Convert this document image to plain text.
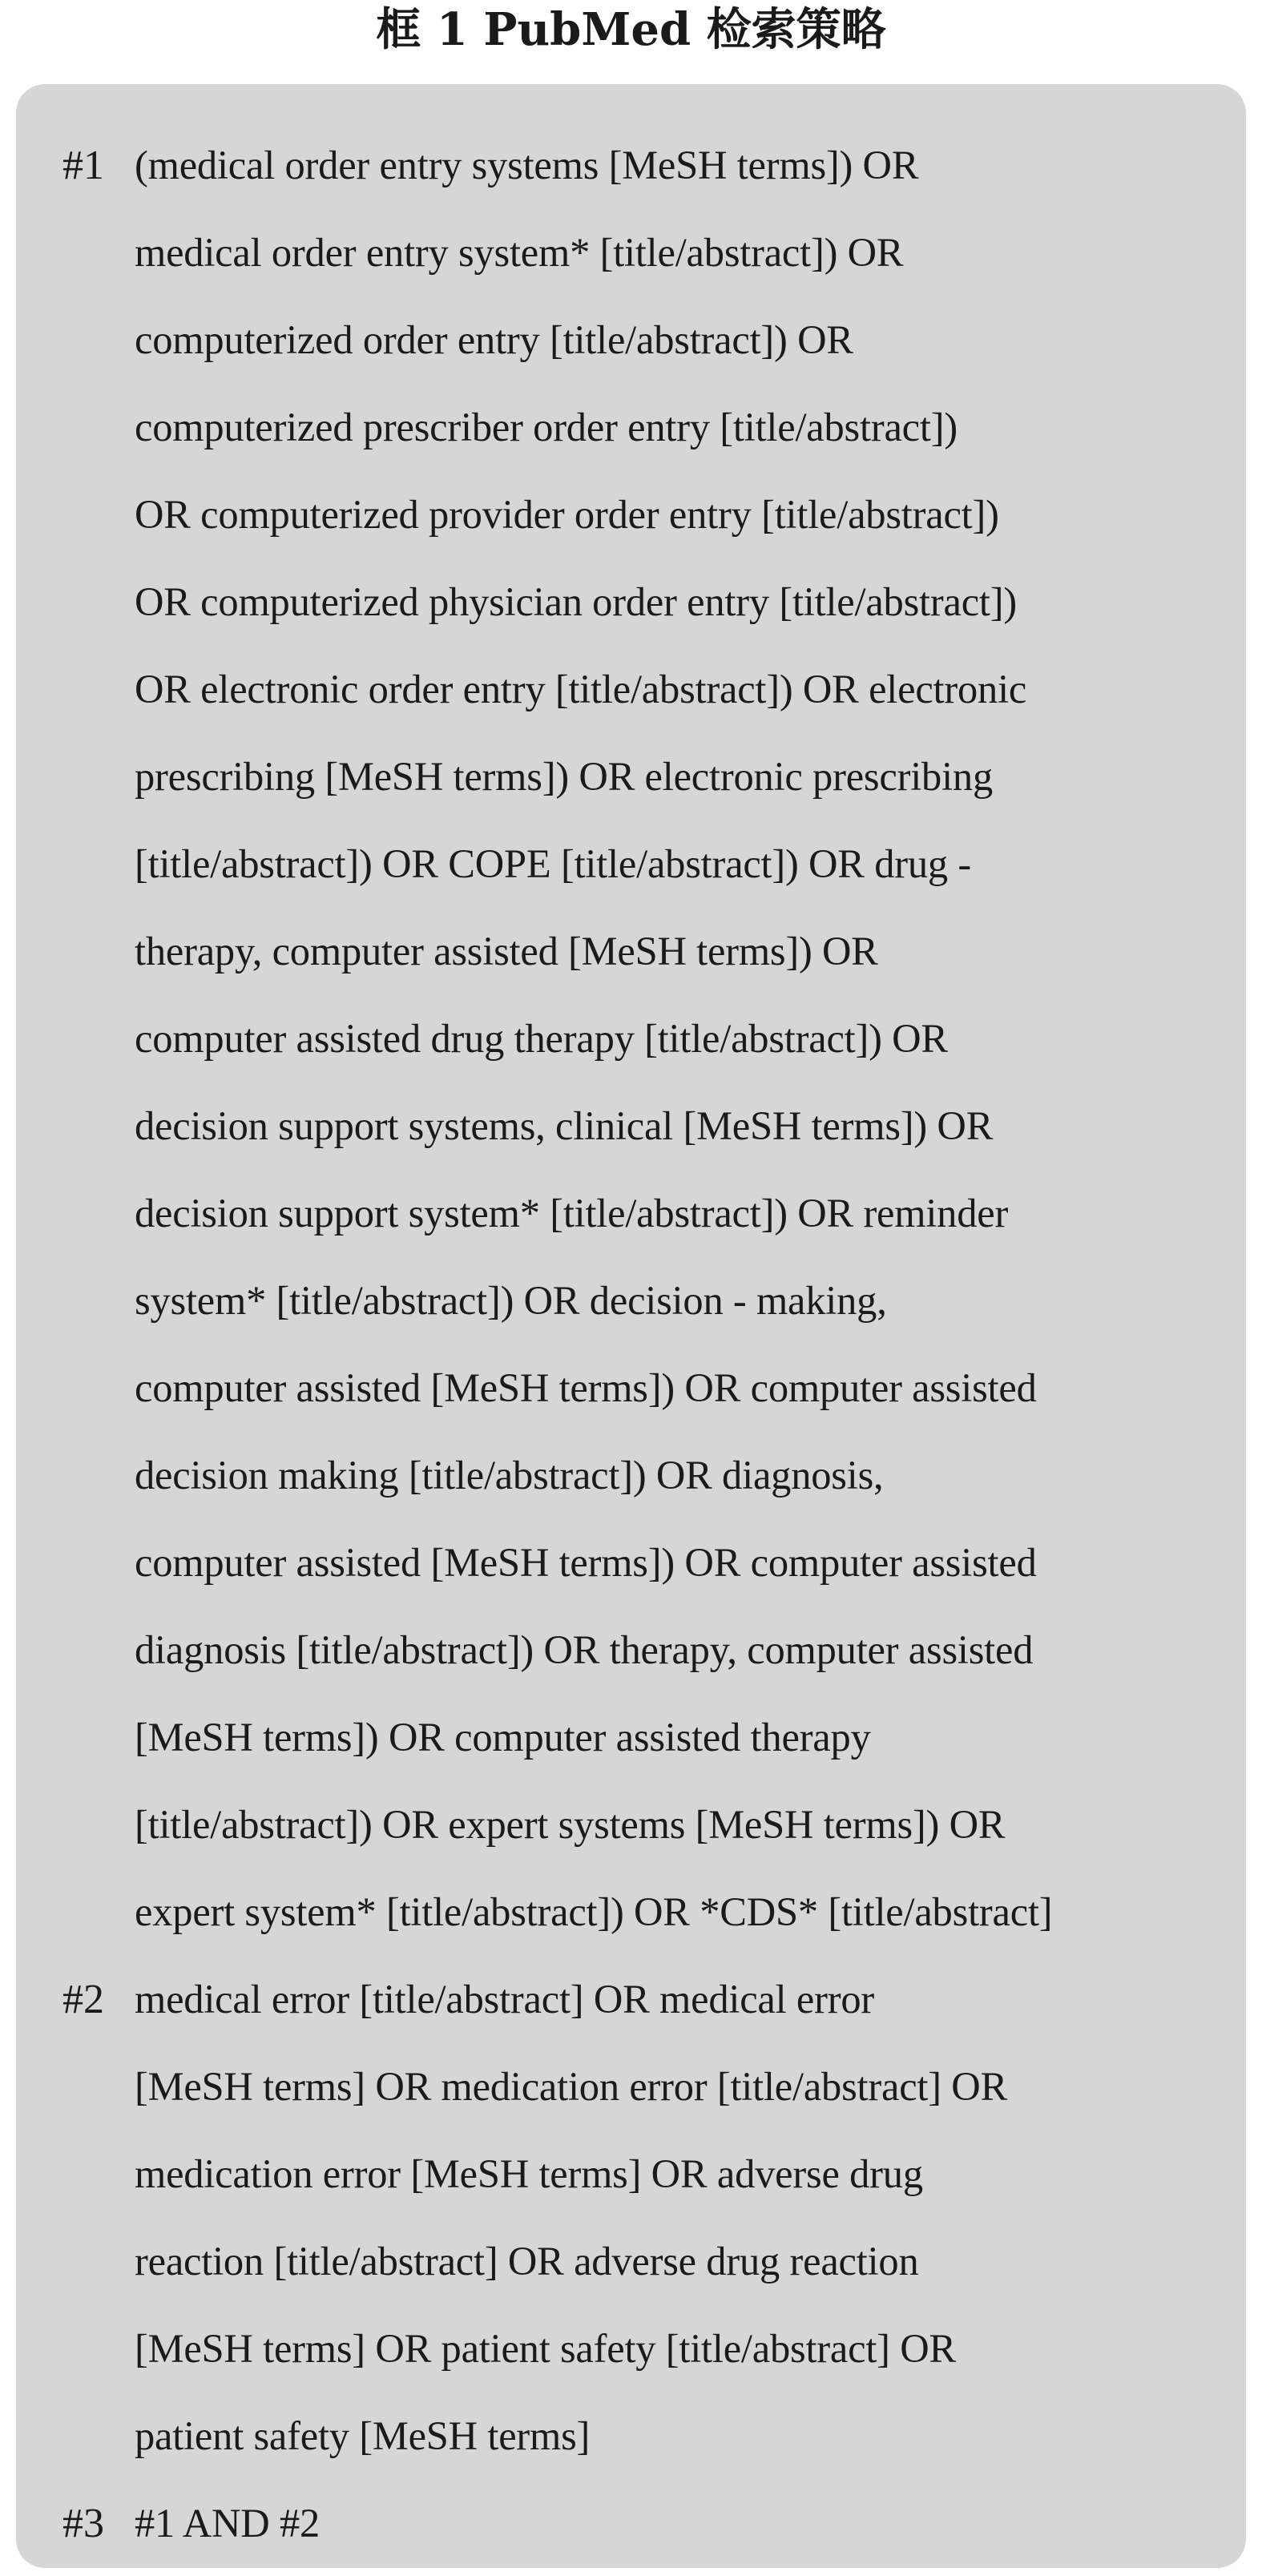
框 1 PubMed 检索策略
#1 (medical order entry systems [MeSH terms]) OR
medical order entry system* [title/abstract]) OR
computerized order entry [title/abstract]) OR
computerized prescriber order entry [title/abstract])
OR computerized provider order entry [title/abstract])
OR computerized physician order entry [title/abstract])
OR electronic order entry [title/abstract]) OR electronic
prescribing [MeSH terms]) OR electronic prescribing
[title/abstract]) OR COPE [title/abstract]) OR drug ‐
therapy, computer assisted [MeSH terms]) OR
computer assisted drug therapy [title/abstract]) OR
decision support systems, clinical [MeSH terms]) OR
decision support system* [title/abstract]) OR reminder
system* [title/abstract]) OR decision ‐ making,
computer assisted [MeSH terms]) OR computer assisted
decision making [title/abstract]) OR diagnosis,
computer assisted [MeSH terms]) OR computer assisted
diagnosis [title/abstract]) OR therapy, computer assisted
[MeSH terms]) OR computer assisted therapy
[title/abstract]) OR expert systems [MeSH terms]) OR
expert system* [title/abstract]) OR *CDS* [title/abstract]
#2 medical error [title/abstract] OR medical error
[MeSH terms] OR medication error [title/abstract] OR
medication error [MeSH terms] OR adverse drug
reaction [title/abstract] OR adverse drug reaction
[MeSH terms] OR patient safety [title/abstract] OR
patient safety [MeSH terms]
#3 #1 AND #2
